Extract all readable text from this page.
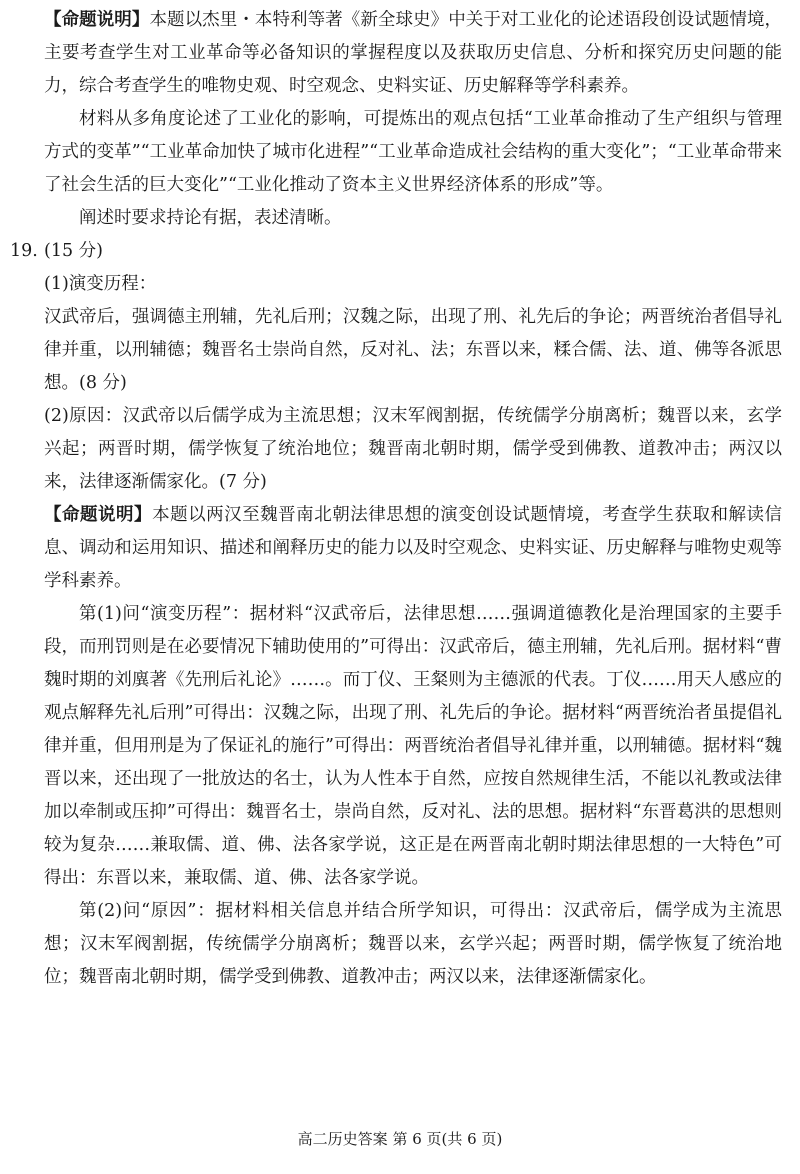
【命题说明】本题以杰里・本特利等著《新全球史》中关于对工业化的论述语段创设试题情境，主要考查学生对工业革命等必备知识的掌握程度以及获取历史信息、分析和探究历史问题的能力，综合考查学生的唯物史观、时空观念、史料实证、历史解释等学科素养。
材料从多角度论述了工业化的影响，可提炼出的观点包括“工业革命推动了生产组织与管理方式的变革”“工业革命加快了城市化进程”“工业革命造成社会结构的重大变化”；“工业革命带来了社会生活的巨大变化”“工业化推动了资本主义世界经济体系的形成”等。
阐述时要求持论有据，表述清晰。
19. (15 分)
(1)演变历程：
汉武帝后，强调德主刑辅，先礼后刑；汉魏之际，出现了刑、礼先后的争论；两晋统治者倡导礼律并重，以刑辅德；魏晋名士崇尚自然，反对礼、法；东晋以来，糅合儒、法、道、佛等各派思想。(8 分)
(2)原因：汉武帝以后儒学成为主流思想；汉末军阀割据，传统儒学分崩离析；魏晋以来，玄学兴起；两晋时期，儒学恢复了统治地位；魏晋南北朝时期，儒学受到佛教、道教冲击；两汉以来，法律逐渐儒家化。(7 分)
【命题说明】本题以两汉至魏晋南北朝法律思想的演变创设试题情境，考查学生获取和解读信息、调动和运用知识、描述和阐释历史的能力以及时空观念、史料实证、历史解释与唯物史观等学科素养。
第(1)问“演变历程”：据材料“汉武帝后，法律思想……强调道德教化是治理国家的主要手段，而刑罚则是在必要情况下辅助使用的”可得出：汉武帝后，德主刑辅，先礼后刑。据材料“曹魏时期的刘廙著《先刑后礼论》……。而丁仪、王粲则为主德派的代表。丁仪……用天人感应的观点解释先礼后刑”可得出：汉魏之际，出现了刑、礼先后的争论。据材料“两晋统治者虽提倡礼律并重，但用刑是为了保证礼的施行”可得出：两晋统治者倡导礼律并重，以刑辅德。据材料“魏晋以来，还出现了一批放达的名士，认为人性本于自然，应按自然规律生活，不能以礼教或法律加以牵制或压抑”可得出：魏晋名士，崇尚自然，反对礼、法的思想。据材料“东晋葛洪的思想则较为复杂……兼取儒、道、佛、法各家学说，这正是在两晋南北朝时期法律思想的一大特色”可得出：东晋以来，兼取儒、道、佛、法各家学说。
第(2)问“原因”：据材料相关信息并结合所学知识，可得出：汉武帝后，儒学成为主流思想；汉末军阀割据，传统儒学分崩离析；魏晋以来，玄学兴起；两晋时期，儒学恢复了统治地位；魏晋南北朝时期，儒学受到佛教、道教冲击；两汉以来，法律逐渐儒家化。
高二历史答案 第 6 页(共 6 页)
